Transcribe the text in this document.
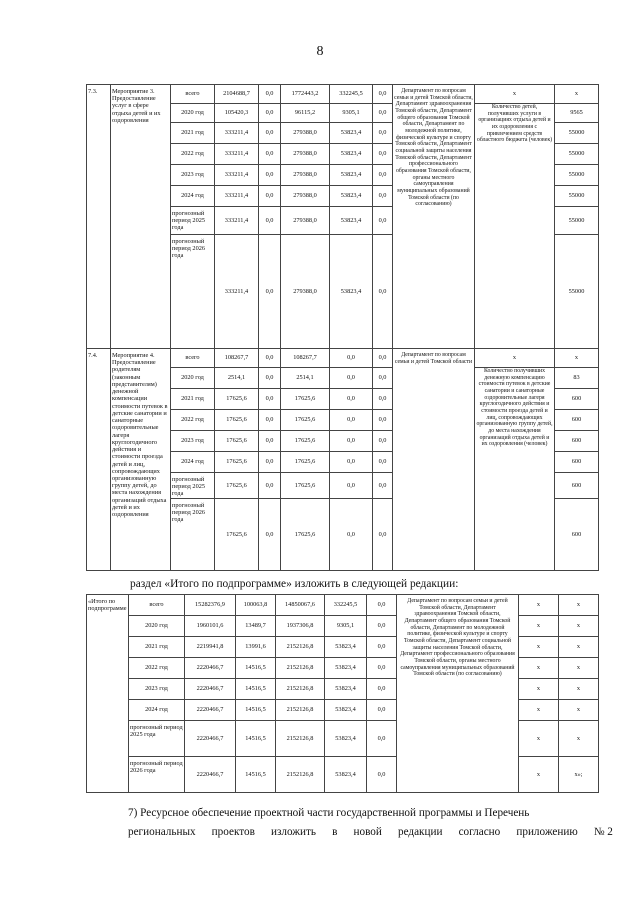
8
7.3.	Мероприятие 3. Предоставление услуг в сфере отдыха детей и их оздоровления	всего	2104688,7	0,0	1772443,2	332245,5	0,0	Департамент по вопросам семьи и детей Томской области, Департамент здравоохранения Томской области, Департамент общего образования Томской области, Департамент по молодежной политике, физической культуре и спорту Томской области, Департамент социальной защиты населения Томской области, Департамент профессионального образования Томской области, органы местного самоуправления муниципальных образований Томской области (по согласованию)	х	х
		2020 год	105420,3	0,0	96115,2	9305,1	0,0		Количество детей, получивших услуги в организациях отдыха детей и их оздоровления с привлечением средств областного бюджета (человек)	9565
		2021 год	333211,4	0,0	279388,0	53823,4	0,0			55000
		2022 год	333211,4	0,0	279388,0	53823,4	0,0			55000
		2023 год	333211,4	0,0	279388,0	53823,4	0,0			55000
		2024 год	333211,4	0,0	279388,0	53823,4	0,0			55000
		прогнозный период 2025 года	333211,4	0,0	279388,0	53823,4	0,0			55000
		прогнозный период 2026 года	333211,4	0,0	279388,0	53823,4	0,0			55000
7.4.	Мероприятие 4. Предоставление родителям (законным представителям) денежной компенсации стоимости путевок в детские санатории и санаторные оздоровительные лагеря круглогодичного действия и стоимости проезда детей и лиц, сопровождающих организованную группу детей, до места нахождения организаций отдыха детей и их оздоровления	всего	108267,7	0,0	108267,7	0,0	0,0	Департамент по вопросам семьи и детей Томской области	х	х
		2020 год	2514,1	0,0	2514,1	0,0	0,0		Количество получивших денежную компенсацию стоимости путевок в детские санатории и санаторные оздоровительные лагеря круглогодичного действия и стоимости проезда детей и лиц, сопровождающих организованную группу детей, до места нахождения организаций отдыха детей и их оздоровления (человек)	83
		2021 год	17625,6	0,0	17625,6	0,0	0,0			600
		2022 год	17625,6	0,0	17625,6	0,0	0,0			600
		2023 год	17625,6	0,0	17625,6	0,0	0,0			600
		2024 год	17625,6	0,0	17625,6	0,0	0,0			600
		прогнозный период 2025 года	17625,6	0,0	17625,6	0,0	0,0			600
		прогнозный период 2026 года	17625,6	0,0	17625,6	0,0	0,0			600
раздел «Итого по подпрограмме» изложить в следующей редакции:
«Итого по подпрограмме	всего	15282376,9	100063,8	14850067,6	332245,5	0,0	Департамент по вопросам семьи и детей Томской области, Департамент здравоохранения Томской области, Департамент общего образования Томской области, Департамент по молодежной политике, физической культуре и спорту Томской области, Департамент социальной защиты населения Томской области, Департамент профессионального образования Томской области, органы местного самоуправления муниципальных образований Томской области (по согласованию)	х	х
	2020 год	1960101,6	13489,7	1937306,8	9305,1	0,0		х	х
	2021 год	2219941,8	13991,6	2152126,8	53823,4	0,0		х	х
	2022 год	2220466,7	14516,5	2152126,8	53823,4	0,0		х	х
	2023 год	2220466,7	14516,5	2152126,8	53823,4	0,0		х	х
	2024 год	2220466,7	14516,5	2152126,8	53823,4	0,0		х	х
	прогнозный период 2025 года	2220466,7	14516,5	2152126,8	53823,4	0,0		х	х
	прогнозный период 2026 года	2220466,7	14516,5	2152126,8	53823,4	0,0		х	х»;
7) Ресурсное обеспечение проектной части государственной программы и Перечень
региональных проектов изложить в новой редакции согласно приложению № 2
